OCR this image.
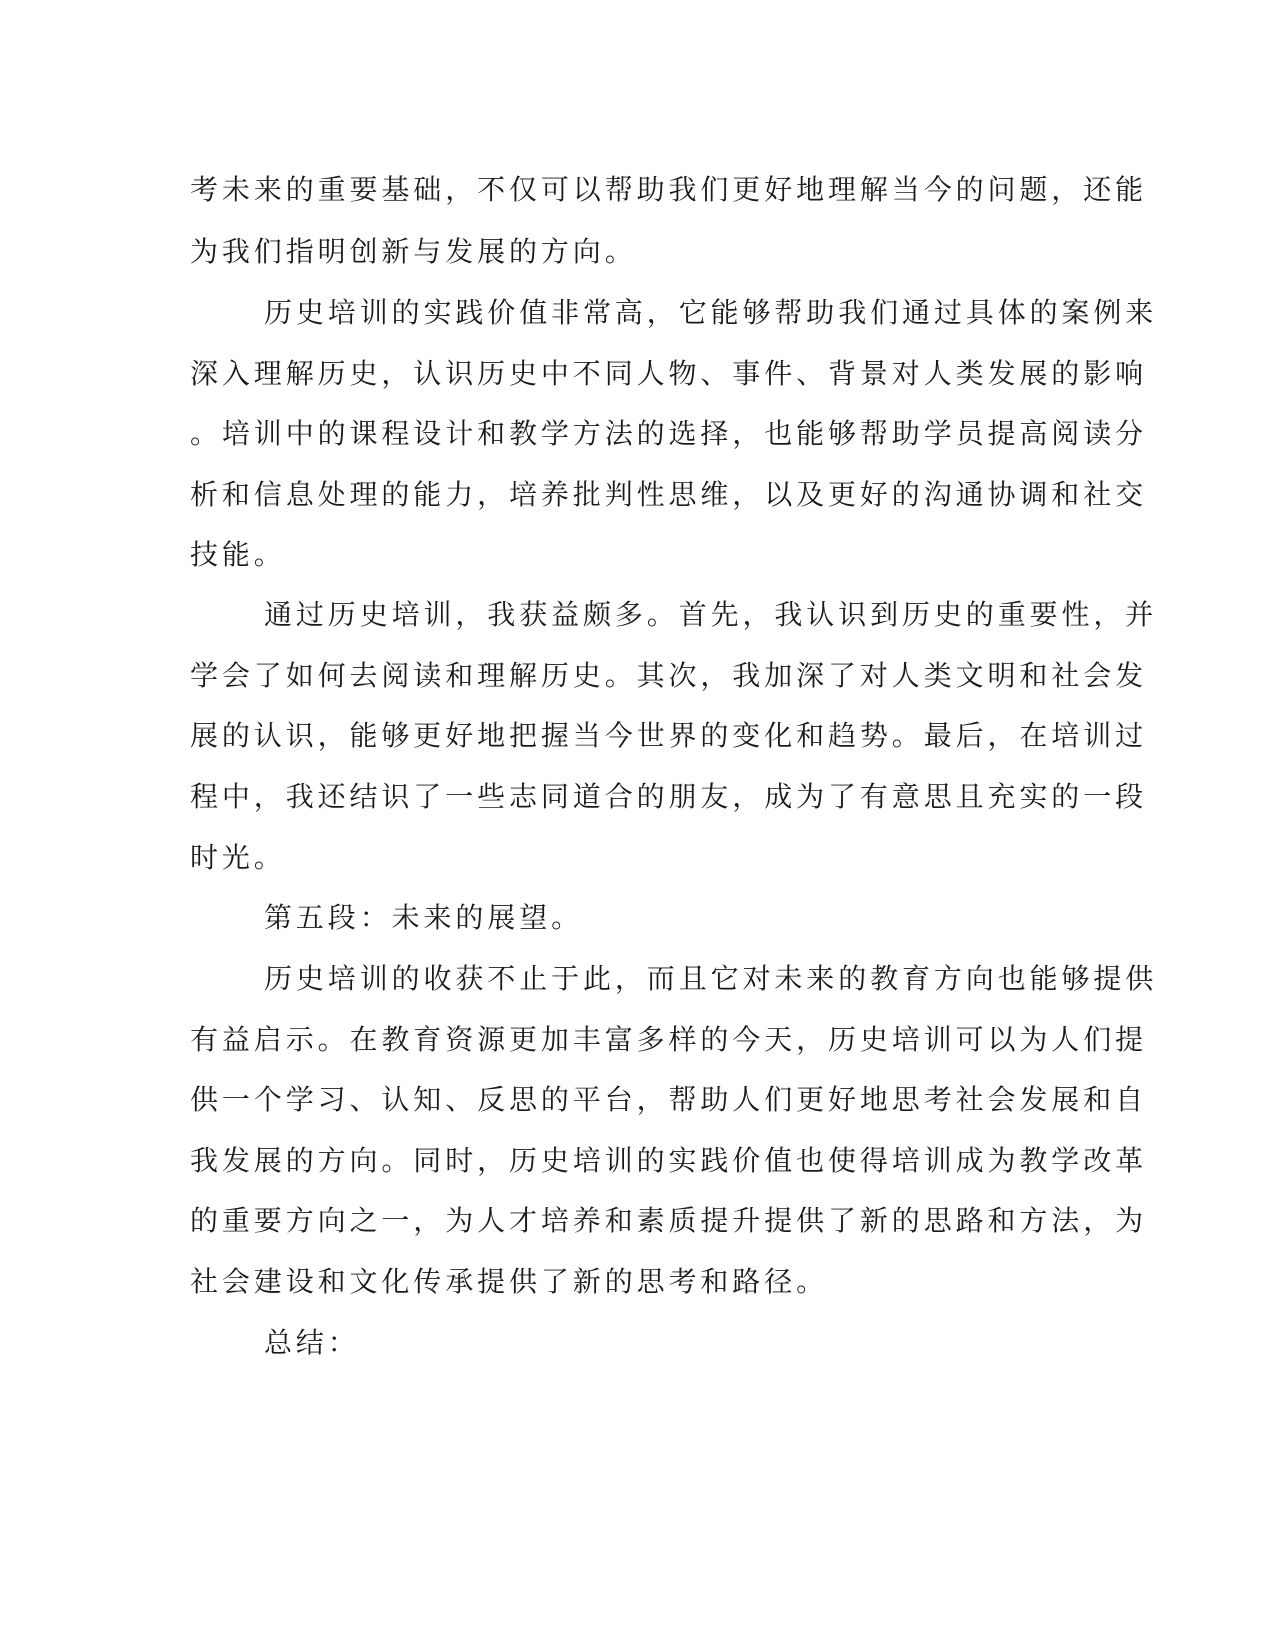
考未来的重要基础，不仅可以帮助我们更好地理解当今的问题，还能

为我们指明创新与发展的方向。

历史培训的实践价值非常高，它能够帮助我们通过具体的案例来

深入理解历史，认识历史中不同人物、事件、背景对人类发展的影响

。培训中的课程设计和教学方法的选择，也能够帮助学员提高阅读分

析和信息处理的能力，培养批判性思维，以及更好的沟通协调和社交

技能。

通过历史培训，我获益颇多。首先，我认识到历史的重要性，并

学会了如何去阅读和理解历史。其次，我加深了对人类文明和社会发

展的认识，能够更好地把握当今世界的变化和趋势。最后，在培训过

程中，我还结识了一些志同道合的朋友，成为了有意思且充实的一段

时光。

第五段：未来的展望。

历史培训的收获不止于此，而且它对未来的教育方向也能够提供

有益启示。在教育资源更加丰富多样的今天，历史培训可以为人们提

供一个学习、认知、反思的平台，帮助人们更好地思考社会发展和自

我发展的方向。同时，历史培训的实践价值也使得培训成为教学改革

的重要方向之一，为人才培养和素质提升提供了新的思路和方法，为

社会建设和文化传承提供了新的思考和路径。

总结：
